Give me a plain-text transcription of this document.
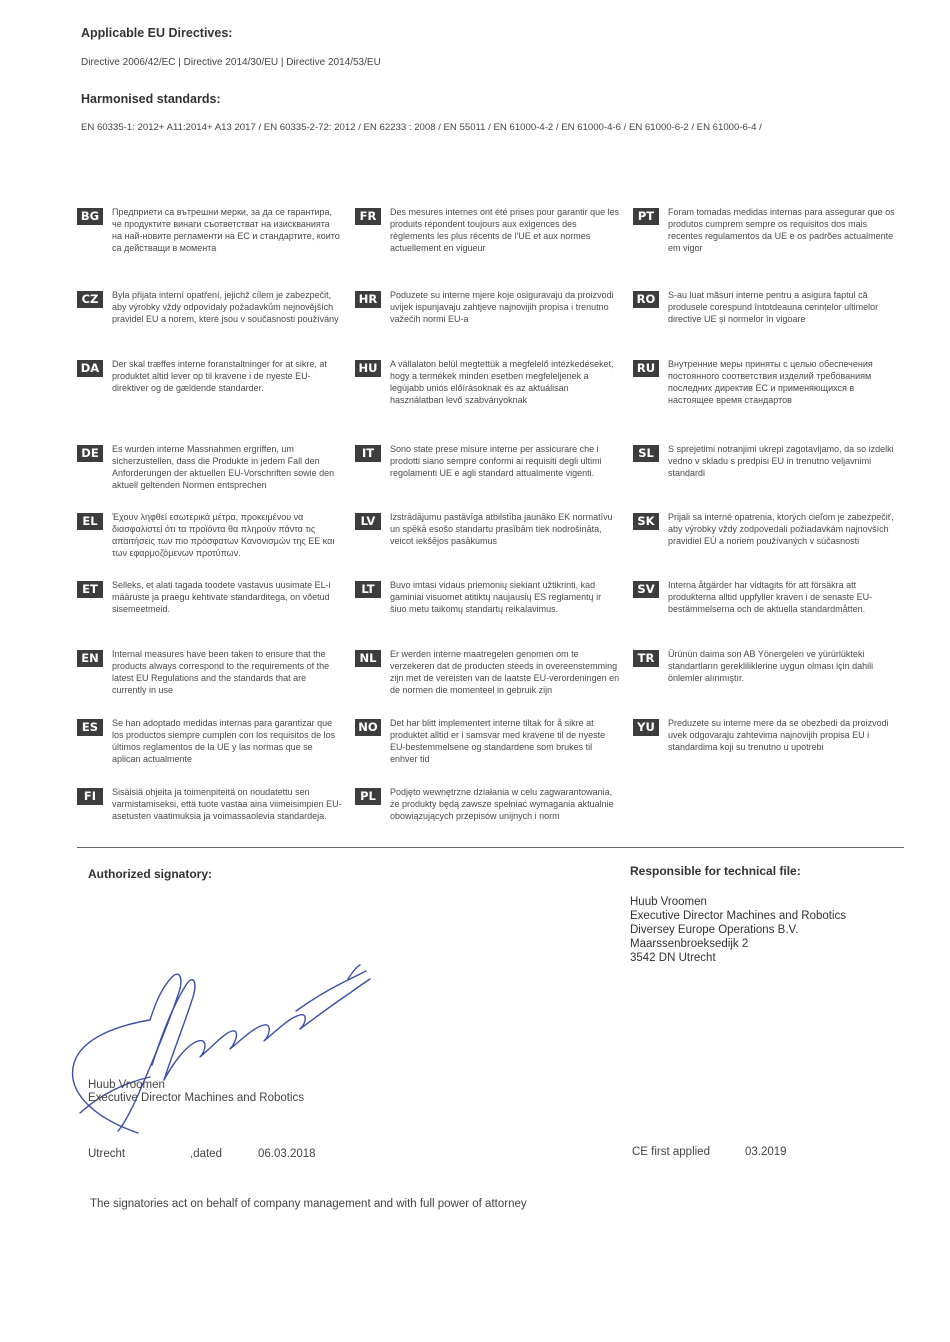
Applicable EU Directives:
Directive 2006/42/EC | Directive 2014/30/EU | Directive 2014/53/EU
Harmonised standards:
EN 60335-1: 2012+ A11:2014+ A13 2017 / EN 60335-2-72: 2012 / EN 62233 : 2008 / EN 55011 / EN 61000-4-2 / EN 61000-4-6 / EN 61000-6-2 / EN 61000-6-4 /
BG	Предприети са вътрешни мерки, за да се гарантира, че продуктите винаги съответстват на изискванията на най-новите регламенти на ЕС и стандартите, които са действащи в момента
FR	Des mesures internes ont été prises pour garantir que les produits répondent toujours aux exigences des règlements les plus récents de l'UE et aux normes actuellement en vigueur
PT	Foram tomadas medidas internas para assegurar que os produtos cumprem sempre os requisitos dos mais recentes regulamentos da UE e os padrões actualmente em vigor
CZ	Byla přijata interní opatření, jejichž cílem je zabezpečit, aby výrobky vždy odpovídaly požadavkům nejnovějších pravidel EU a norem, které jsou v současnosti používány
HR	Poduzete su interne mjere koje osiguravaju da proizvodi uvijek ispunjavaju zahtjeve najnovijih propisa i trenutno važećih normi EU-a
RO	S-au luat măsuri interne pentru a asigura faptul că produsele corespund întotdeauna cerințelor ultimelor directive UE și normelor în vigoare
DA	Der skal træffes interne foranstaltninger for at sikre, at produktet altid lever op til kravene i de nyeste EU-direktiver og de gældende standarder.
HU	A vállalaton belül megtettük a megfelelő intézkedéseket, hogy a termékek minden esetben megfeleljenek a legújabb uniós előírásoknak és az aktuálisan használatban levő szabványoknak
RU	Внутренние меры приняты с целью обеспечения постоянного соответствия изделий требованиям последних директив ЕС и применяющихся в настоящее время стандартов
DE	Es wurden interne Massnahmen ergriffen, um sicherzustellen, dass die Produkte in jedem Fall den Anforderungen der aktuellen EU-Vorschriften sowie den aktuell geltenden Normen entsprechen
IT	Sono state prese misure interne per assicurare che i prodotti siano sempre conformi ai requisiti degli ultimi regolamenti UE e agli standard attualmente vigenti.
SL	S sprejetimi notranjimi ukrepi zagotavljamo, da so izdelki vedno v skladu s predpisi EU in trenutno veljavnimi standardi
EL	Έχουν ληφθεί εσωτερικά μέτρα, προκειμένου να διασφαλιστεί ότι τα προϊόντα θα πληρούν πάντα τις απαιτήσεις των πιο πρόσφατων Κανονισμών της ΕΕ και των εφαρμοζόμενων προτύπων.
LV	Izstrādājumu pastāvīga atbilstība jaunāko EK normatīvu un spēkā esošo standartu prasībām tiek nodrošināta, veicot iekšējos pasākumus
SK	Prijali sa interné opatrenia, ktorých cieľom je zabezpečiť, aby výrobky vždy zodpovedali požiadavkám najnovších pravidiel EÚ a noriem používaných v súčasnosti
ET	Selleks, et alati tagada toodete vastavus uusimate EL-i määruste ja praegu kehtivate standarditega, on võetud sisemeetmeid.
LT	Buvo imtasi vidaus priemonių siekiant užtikrinti, kad gaminiai visuomet atitiktų naujausių ES reglamentų ir šiuo metu taikomų standartų reikalavimus.
SV	Interna åtgärder har vidtagits för att försäkra att produkterna alltid uppfyller kraven i de senaste EU-bestämmelserna och de aktuella standardmåtten.
EN	Internal measures have been taken to ensure that the products always correspond to the requirements of the latest EU Regulations and the standards that are currently in use
NL	Er werden interne maatregelen genomen om te verzekeren dat de producten steeds in overeenstemming zijn met de vereisten van de laatste EU-verordeningen en de normen die momenteel in gebruik zijn
TR	Ürünün daima son AB Yönergeleri ve yürürlükteki standartların gerekliliklerine uygun olması için dahili önlemler alınmıştır.
ES	Se han adoptado medidas internas para garantizar que los productos siempre cumplen con los requisitos de los últimos reglamentos de la UE y las normas que se aplican actualmente
NO	Det har blitt implementert interne tiltak for å sikre at produktet alltid er i samsvar med kravene til de nyeste EU-bestemmelsene og standardene som brukes til enhver tid
YU	Preduzete su interne mere da se obezbedi da proizvodi uvek odgovaraju zahtevima najnovijih propisa EU i standardima koji su trenutno u upotrebi
FI	Sisäisiä ohjeita ja toimenpiteitä on noudatettu sen varmistamiseksi, että tuote vastaa aina viimeisimpien EU-asetusten vaatimuksia ja voimassaolevia standardeja.
PL	Podjęto wewnętrzne działania w celu zagwarantowania, że produkty będą zawsze spełniać wymagania aktualnie obowiązujących przepisów unijnych i norm
Authorized signatory:
Huub Vroomen
Executive Director Machines and Robotics
Utrecht	,dated	06.03.2018
Responsible for technical file:
Huub Vroomen
Executive Director Machines and Robotics
Diversey Europe Operations B.V.
Maarssenbroeksedijk 2
3542 DN Utrecht
CE first applied	03.2019
The signatories act on behalf of company management and with full power of attorney
